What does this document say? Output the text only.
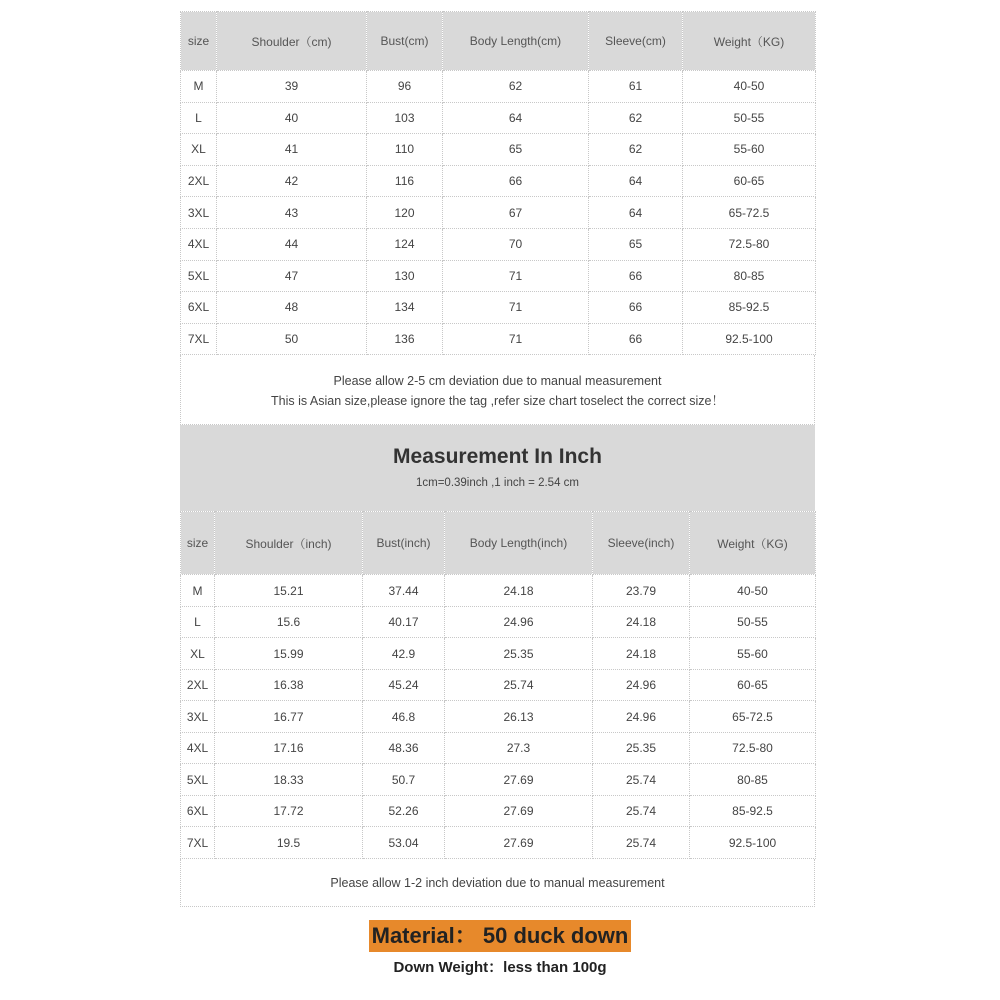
size	Shoulder（cm)	Bust(cm)	Body Length(cm)	Sleeve(cm)	Weight（KG)
M	39	96	62	61	40-50
L	40	103	64	62	50-55
XL	41	110	65	62	55-60
2XL	42	116	66	64	60-65
3XL	43	120	67	64	65-72.5
4XL	44	124	70	65	72.5-80
5XL	47	130	71	66	80-85
6XL	48	134	71	66	85-92.5
7XL	50	136	71	66	92.5-100
Please allow 2-5 cm deviation due to manual measurement
This is Asian size,please ignore the tag ,refer size chart toselect the correct size！
Measurement In Inch
1cm=0.39inch ,1 inch = 2.54 cm
size	Shoulder（inch)	Bust(inch)	Body Length(inch)	Sleeve(inch)	Weight（KG)
M	15.21	37.44	24.18	23.79	40-50
L	15.6	40.17	24.96	24.18	50-55
XL	15.99	42.9	25.35	24.18	55-60
2XL	16.38	45.24	25.74	24.96	60-65
3XL	16.77	46.8	26.13	24.96	65-72.5
4XL	17.16	48.36	27.3	25.35	72.5-80
5XL	18.33	50.7	27.69	25.74	80-85
6XL	17.72	52.26	27.69	25.74	85-92.5
7XL	19.5	53.04	27.69	25.74	92.5-100
Please allow 1-2 inch deviation due to manual measurement
Material： 50 duck down
Down Weight：less than 100g
